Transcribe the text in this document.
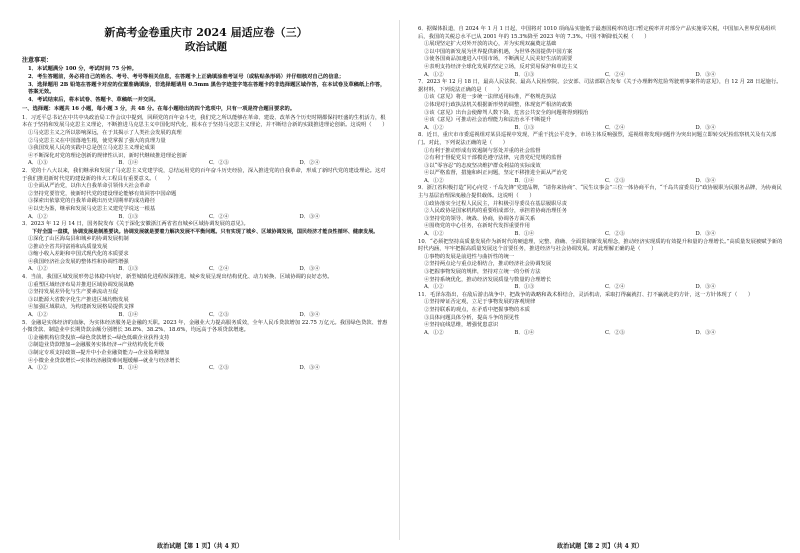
新高考金卷重庆市 2024 届适应卷（三）

政治试题

注意事项：

1．本试题满分 100 分，考试时间 75 分钟。

2．考生答题前，务必将自己的姓名、考号、考号等相关信息，在答题卡上正确填涂准考证号（或粘贴条形码）并仔细核对自己的信息；

3．选择题用 2B 铅笔在答题卡对应的位置准确填涂，非选择题请用 0.5mm 黑色字迹签字笔在答题卡的非选择题区域作答，在本试卷及草稿纸上作答，答案无效。

4．考试结束后，将本试卷、答题卡、草稿纸一并交回。

一、选择题：本题共 16 小题，每小题 3 分，共 48 分。在每小题给出的四个选项中，只有一项是符合题目要求的。

1．习近平总书记在中共中央政治局工作会议中提到，回顾党的百年奋斗史，我们党之所以能够在革命、建设、改革各个历史时期都保持旺盛的生机活力，根本在于坚持和发展马克思主义理论，不断推进马克思主义中国化时代化，根本在于坚持马克思主义理论，并不断结合新的实践推进理论创新。这说明（　　）

①马克思主义之所以影响深远，在于其揭示了人类社会发展的真理

②马克思主义在中国落地生根，使党掌握了强大的真理力量

③我国发展人民的实践中总是创立马克思主义理论成果

④不断深化对党的理论创新的规律性认识，新时代继续推进理论创新

A．①③	B．①④	C．②③	D．②④

2．党的十八大以来，我们继承和发展了马克思主义党建学说，总结运用党的百年奋斗历史经验，深入推进党的自我革命，形成了新时代党的建设理论。这对于我们推进新时代党的建设新的伟大工程具有重要意义。（　　）

①全面从严治党，以伟大自我革命引领伟大社会革命

②坚持党要管党，使新时代党的建设理论能够有效回答中国命题

③探索出依靠党的自我革命跳出历史周期率的成功路径

④以史为鉴，继承和发展马克思主义建党学说这一根基

A．①②	B．①③	C．②④	D．③④

3．2023 年 12 月 14 日，国务院发布《关于深化安徽浙江两省省直城乡区域协调发展的意见》。

下好全国一盘棋，协调发展是制胜要诀。协调发展就是要着力解决发展不平衡问题。只有实现了城乡、区域协调发展，国民经济才能良性循环、健康发展。

①深化了山区海岛县和城乡的协调发展机制

②推动全省共同富裕和高质量发展

③缩小收入差距和中国式现代化的本质要求

④我国经济社会发展的整体性和协调性增强

A．①②	B．①③	C．②④	D．③④

4．当前，我国区域发展形势总体稳中向好，新型城镇化进程纵深推进。城乡发展呈现出结构优化、动力转换、区域协调的良好态势。

①重塑区域经济布局并推进区域协调发展战略

②坚持发展差异化与生产要素流动互促

③以能源大省数字化生产推进区域均衡发展

④加强区域联动，为构建新发展格局提供支撑

A．①②	B．①④	C．②③	D．③④

5．金融是实体经济的血脉，为实体经济服务是金融的天职。2023 年，金融业大力提高服务质效，全年人民币贷款增加 22.75 万亿元。我国绿色贷款、普惠小微贷款、制造业中长期贷款余额分别增长 36.8%、38.2%、18.6%，均远高于各项贷款增速。

①金融机构信贷投放→绿色贷款增长→绿色低碳企业获得支持

②制造业贷款增加→金融服务实体经济→产业结构优化升级

③制定专项支持政策→提升中小企业融资能力→企业盈利增加

④小微企业贷款增长→实体经济融资难问题缓解→就业与经济增长

A．①②	B．①④	C．②③	D．③④
政治试题【第 1 页】（共 4 页）

6．据媒体报道，自 2024 年 1 月 1 日起，中国将对 1010 项商品实施低于最惠国税率的进口暂定税率并对部分产品实施零关税，中国加入世界贸易组织后，我国的关税总水平已从 2001 年的 15.3%降至 2023 年的 7.3%。中国不断降低关税（　　）

①展现坚定扩大对外开放的决心，并为实现双赢奠定基础

②以中国的新发展为世界提供新机遇，为世界各国提供中国方案

③使各国商品加速进入中国市场，不断满足人民美好生活的需要

④表明支持经济全球化发展的坚定立场，反对贸易保护和单边主义

A．①②	B．①③	C．②④	D．③④

7．2023 年 12 月 18 日，最高人民法院、最高人民检察院、公安部、司法部联合发布《关于办理醉驾危险驾驶刑事案件的意见》，自 12 月 28 日起施行。据材料，下列说法正确的是（　　）

①该《意见》将进一步统一法律适用标准，严格规范执法

②体现对行政执法机关根据新形势的调整，体现宽严相济的政策

③该《意见》出台会使醉驾人数下降，危害公共安全的问题将得到根治

④该《意见》可推动社会治理能力和法治水平不断提升

A．①②	B．①③	C．②④	D．③④

8．近日，重庆市市委巡视组对某县巡视中发现，严重干扰公平竞争，市场主体反响强烈，巡视组将发现问题作为突出问题立即转交纪检监察机关及有关部门。对此，下列说法正确的是（　　）

①有利于推动形成有效遏制与惩处并重的社会监督

②有利于督促党员干部模范遵守法律，完善党纪党规的监督

③以“零容忍”的态度坚决维护群众利益的实际成效

④以严格监督，措施和纠正问题，坚定不移推进全面从严治党

A．①②	B．①④	C．②③	D．③④

9．浙江省积极打造“同心向党 · 千岛先锋”党建品牌，“请你来协商”、“民生议事会”三位一体协商平台，“千岛共富委员行”政协履职为民服务品牌，为协商民主与基层治理深度融合提供载体。这说明（　　）

①政协落实全过程人民民主，并积极引导委员在基层履职尽责

②人民政协是国家机构的重要组成部分，承担着协商治理任务

③坚持党的领导、统战、协商，协调各方面关系

④围绕党的中心任务，在新时代发挥重要作用

A．①②	B．①④	C．②③	D．③④

10．“必须把坚持高质量发展作为新时代的硬道理，完整、准确、全面贯彻新发展理念，推动经济实现质的有效提升和量的合理增长。”高质量发展被赋予新的时代内涵，牢牢把握高质量发展这个首要任务，推进经济与社会协调发展。对此理解正确的是（　　）

①事物的发展是前进性与曲折性的统一

②坚持两点论与重点论相结合，推动经济社会协调发展

③把握事物发展的规律，坚持对立统一的分析方法

④坚持系统优化，推动经济发展质量与数量的合理增长

A．①②	B．①③	C．②④	D．③④

11．毛泽东指出，在敌后游击战争中，把战争的战略和战术相结合，灵活机动，采取打得赢就打、打不赢就走的方针，这一方针体现了（　　）

①坚持辩证否定观，立足于事物发展的客观规律

②坚持联系的观点，在矛盾中把握事物的本质

③具体问题具体分析，提高斗争的预见性

④坚持底线思维，增强忧患意识

A．①②	B．①④	C．②③	D．③④
政治试题【第 2 页】（共 4 页）
